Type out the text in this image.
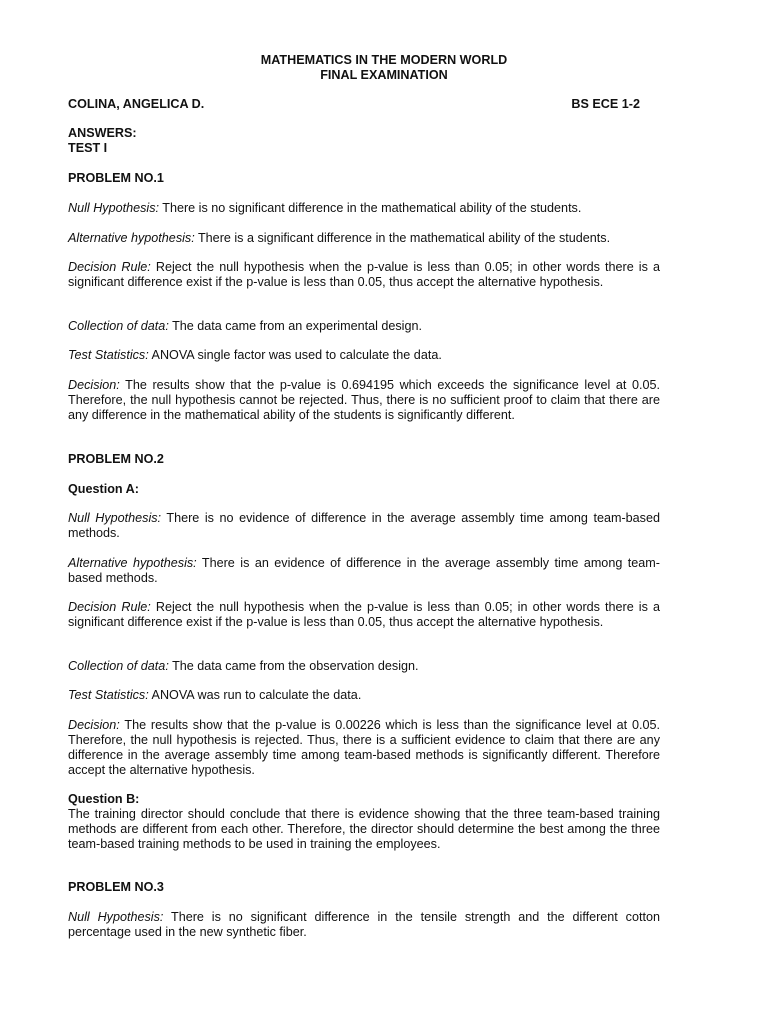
MATHEMATICS IN THE MODERN WORLD
FINAL EXAMINATION
COLINA, ANGELICA D.	BS ECE 1-2
ANSWERS:
TEST I
PROBLEM NO.1
Null Hypothesis: There is no significant difference in the mathematical ability of the students.
Alternative hypothesis: There is a significant difference in the mathematical ability of the students.
Decision Rule: Reject the null hypothesis when the p-value is less than 0.05; in other words there is a significant difference exist if the p-value is less than 0.05, thus accept the alternative hypothesis.
Collection of data: The data came from an experimental design.
Test Statistics: ANOVA single factor was used to calculate the data.
Decision: The results show that the p-value is 0.694195 which exceeds the significance level at 0.05. Therefore, the null hypothesis cannot be rejected. Thus, there is no sufficient proof to claim that there are any difference in the mathematical ability of the students is significantly different.
PROBLEM NO.2
Question A:
Null Hypothesis: There is no evidence of difference in the average assembly time among team-based methods.
Alternative hypothesis: There is an evidence of difference in the average assembly time among team-based methods.
Decision Rule: Reject the null hypothesis when the p-value is less than 0.05; in other words there is a significant difference exist if the p-value is less than 0.05, thus accept the alternative hypothesis.
Collection of data: The data came from the observation design.
Test Statistics: ANOVA was run to calculate the data.
Decision: The results show that the p-value is 0.00226 which is less than the significance level at 0.05. Therefore, the null hypothesis is rejected. Thus, there is a sufficient evidence to claim that there are any difference in the average assembly time among team-based methods is significantly different. Therefore accept the alternative hypothesis.
Question B:
The training director should conclude that there is evidence showing that the three team-based training methods are different from each other. Therefore, the director should determine the best among the three team-based training methods to be used in training the employees.
PROBLEM NO.3
Null Hypothesis: There is no significant difference in the tensile strength and the different cotton percentage used in the new synthetic fiber.
